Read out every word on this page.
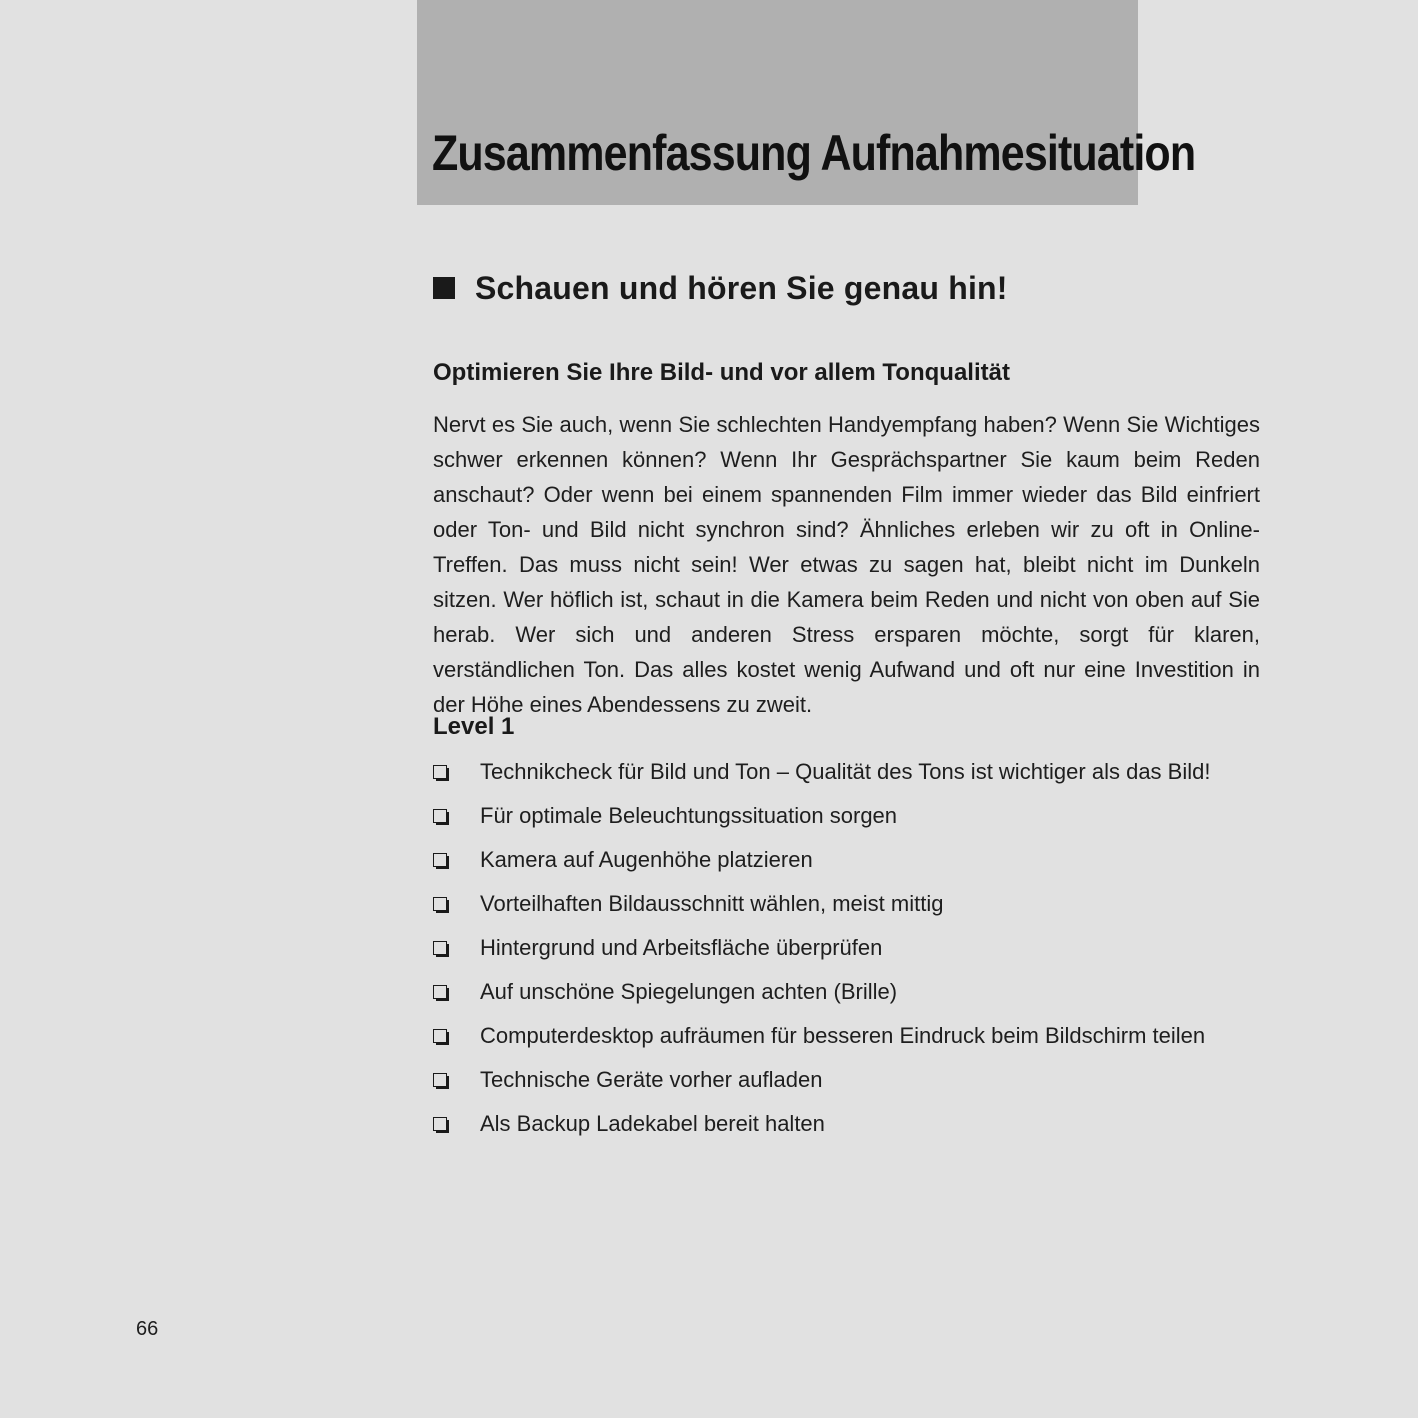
Zusammenfassung Aufnahmesituation
Schauen und hören Sie genau hin!
Optimieren Sie Ihre Bild- und vor allem Tonqualität

Nervt es Sie auch, wenn Sie schlechten Handyempfang haben? Wenn Sie Wichtiges schwer erkennen können? Wenn Ihr Gesprächspartner Sie kaum beim Reden anschaut? Oder wenn bei einem spannenden Film immer wieder das Bild einfriert oder Ton- und Bild nicht synchron sind? Ähnliches erleben wir zu oft in Online-Treffen. Das muss nicht sein! Wer etwas zu sagen hat, bleibt nicht im Dunkeln sitzen. Wer höflich ist, schaut in die Kamera beim Reden und nicht von oben auf Sie herab. Wer sich und anderen Stress ersparen möchte, sorgt für klaren, verständlichen Ton. Das alles kostet wenig Aufwand und oft nur eine Investition in der Höhe eines Abendessens zu zweit.

Level 1
Technikcheck für Bild und Ton – Qualität des Tons ist wichtiger als das Bild!
Für optimale Beleuchtungssituation sorgen
Kamera auf Augenhöhe platzieren
Vorteilhaften Bildausschnitt wählen, meist mittig
Hintergrund und Arbeitsfläche überprüfen
Auf unschöne Spiegelungen achten (Brille)
Computerdesktop aufräumen für besseren Eindruck beim Bildschirm teilen
Technische Geräte vorher aufladen
Als Backup Ladekabel bereit halten
66
